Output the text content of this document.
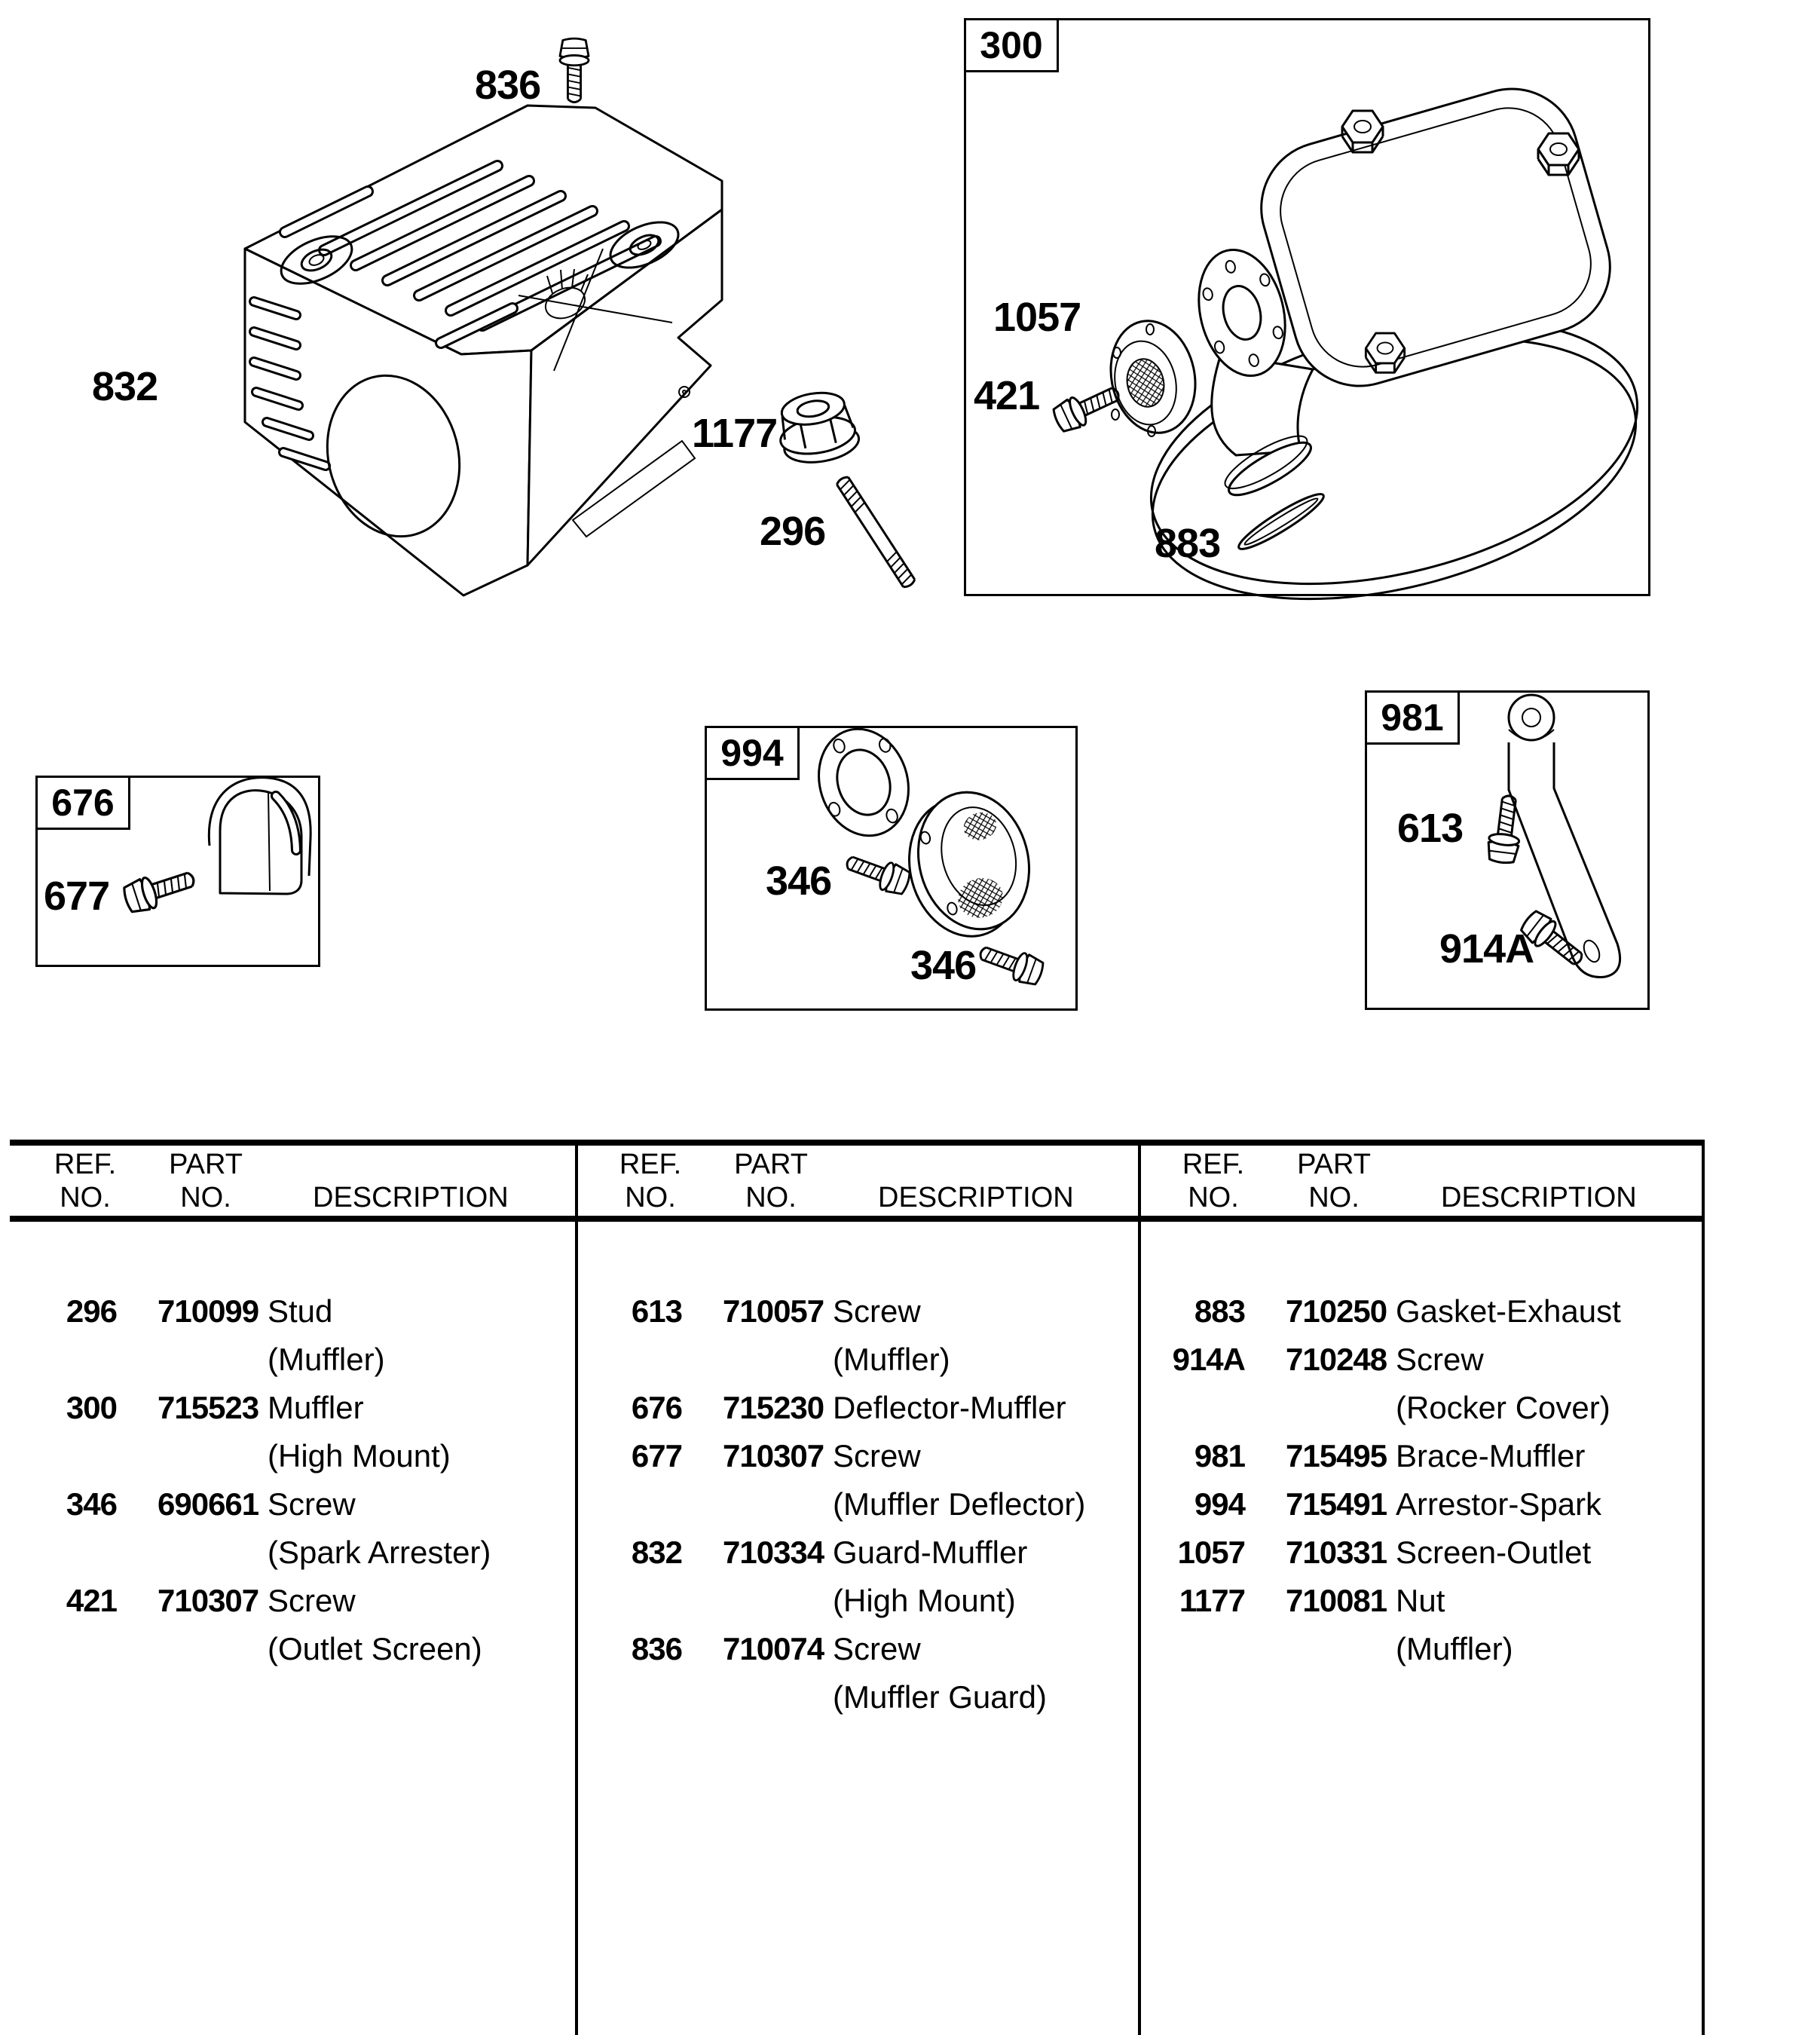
300
676
994
981
836
832
1057
421
883
1177
296
677	346
346
613
914A
REF.	PART
NO.	NO.	DESCRIPTION
296 710099 Stud
(Muffler)
300 715523 Muffler
(High Mount)
346 690661 Screw
(Spark Arrester)
421 710307 Screw
(Outlet Screen)
REF.	PART
NO.	NO.	DESCRIPTION
613 710057 Screw
(Muffler)
676 715230 Deflector-Muffler
677 710307 Screw
(Muffler Deflector)
832 710334 Guard-Muffler
(High Mount)
836 710074 Screw
(Muffler Guard)
REF.	PART
NO.	NO.	DESCRIPTION
883 710250 Gasket-Exhaust
914A 710248 Screw
(Rocker Cover)
981 715495 Brace-Muffler
994 715491 Arrestor-Spark
1057 710331 Screen-Outlet
1177 710081 Nut
(Muffler)
